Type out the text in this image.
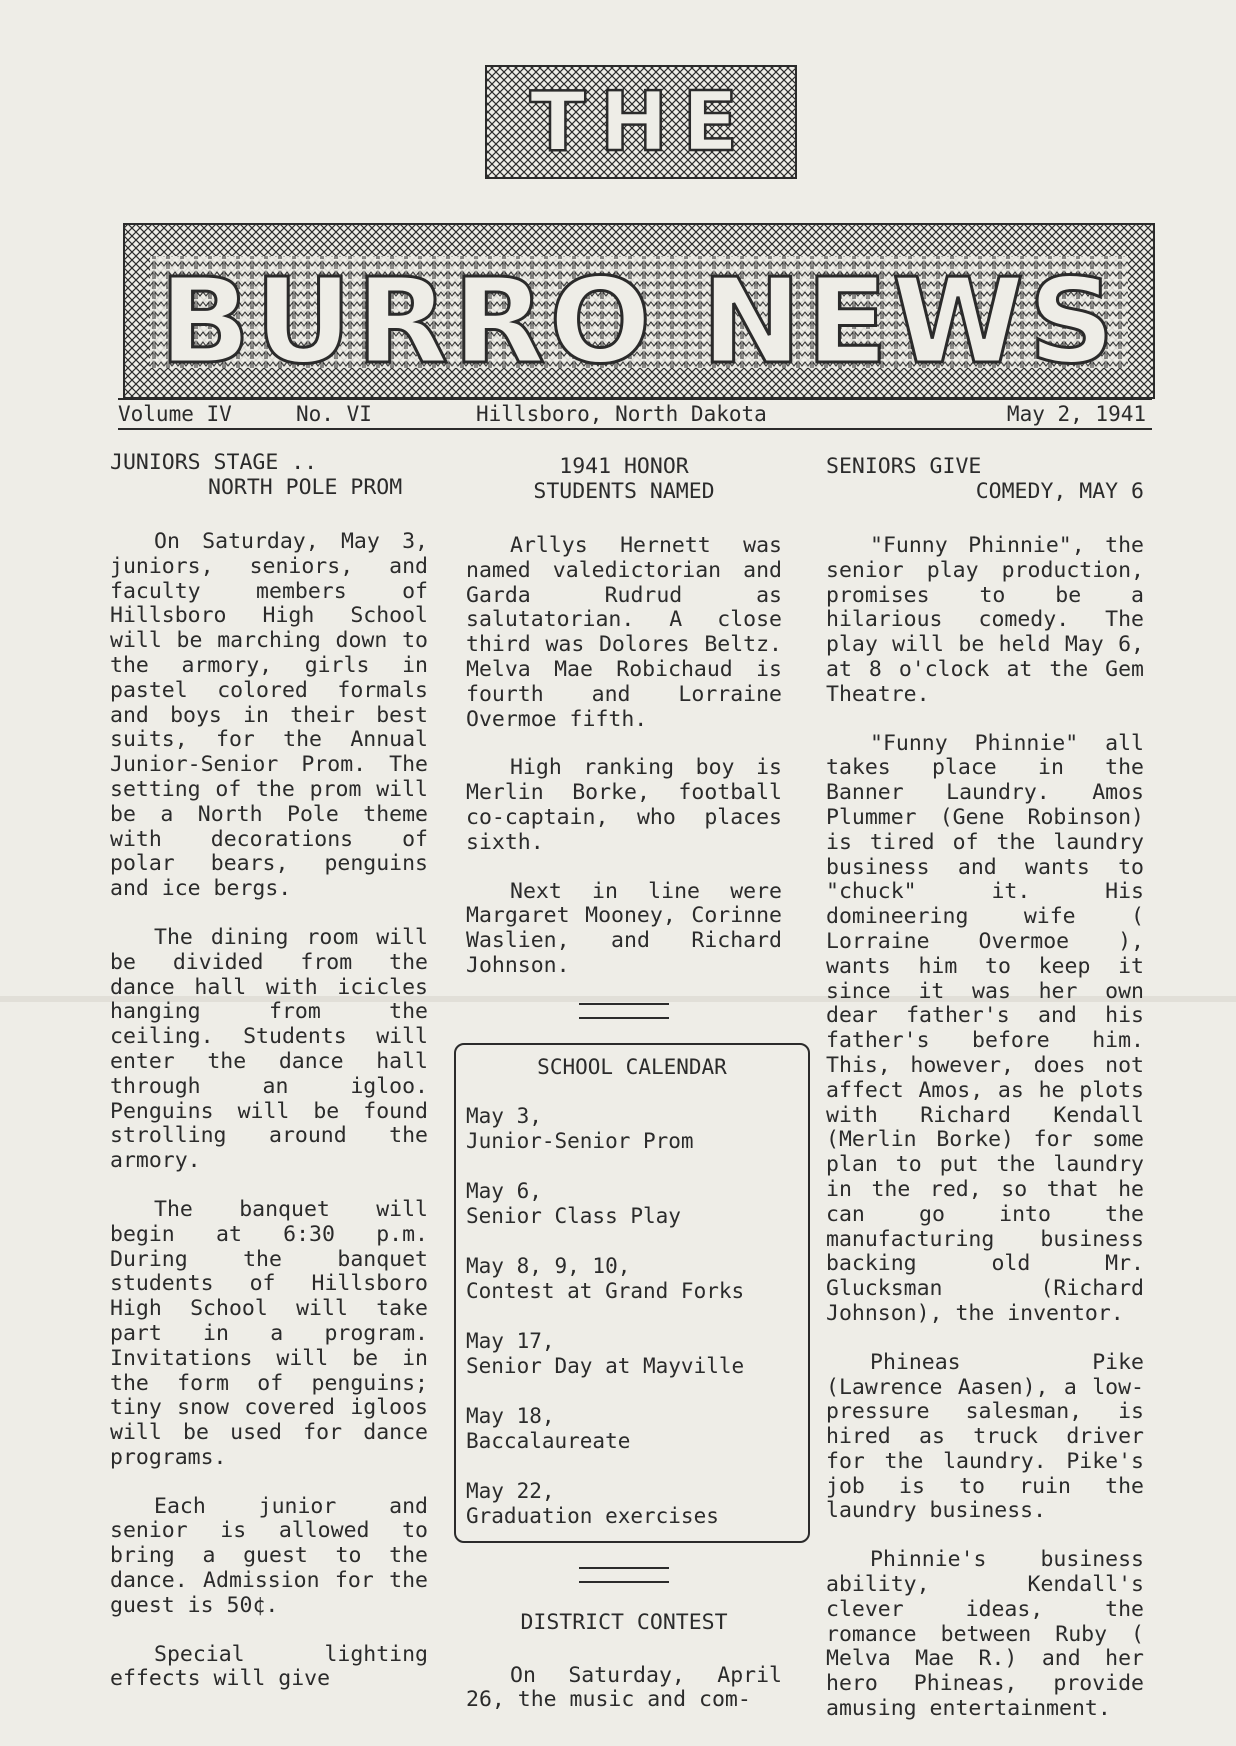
THE
BURRO NEWS
Volume IV	No. VI	Hillsboro, North Dakota	May 2, 1941
JUNIORS STAGE ..
NORTH POLE PROM

On Saturday, May 3, juniors, seniors, and faculty members of Hillsboro High School will be marching down to the armory, girls in pastel colored formals and boys in their best suits, for the Annual Junior-Senior Prom. The setting of the prom will be a North Pole theme with decorations of polar bears, penguins and ice bergs.

The dining room will be divided from the dance hall with icicles hanging from the ceiling. Students will enter the dance hall through an igloo. Penguins will be found strolling around the armory.

The banquet will begin at 6:30 p.m. During the banquet students of Hillsboro High School will take part in a program. Invitations will be in the form of penguins; tiny snow covered igloos will be used for dance programs.

Each junior and senior is allowed to bring a guest to the dance. Admission for the guest is 50¢.

Special lighting effects will give

1941 HONOR
STUDENTS NAMED

Arllys Hernett was named valedictorian and Garda Rudrud as salutatorian. A close third was Dolores Beltz. Melva Mae Robichaud is fourth and Lorraine Overmoe fifth.

High ranking boy is Merlin Borke, football co-captain, who places sixth.

Next in line were Margaret Mooney, Corinne Waslien, and Richard Johnson.

SCHOOL CALENDAR
May 3,
Junior-Senior Prom
May 6,
Senior Class Play
May 8, 9, 10,
Contest at Grand Forks
May 17,
Senior Day at Mayville
May 18,
Baccalaureate
May 22,
Graduation exercises
DISTRICT CONTEST

On Saturday, April 26, the music and com-

SENIORS GIVE
COMEDY, MAY 6

"Funny Phinnie", the senior play production, promises to be a hilarious comedy. The play will be held May 6, at 8 o'clock at the Gem Theatre.

"Funny Phinnie" all takes place in the Banner Laundry. Amos Plummer (Gene Robinson) is tired of the laundry business and wants to "chuck" it. His domineering wife ( Lorraine Overmoe ), wants him to keep it since it was her own dear father's and his father's before him. This, however, does not affect Amos, as he plots with Richard Kendall (Merlin Borke) for some plan to put the laundry in the red, so that he can go into the manufacturing business backing old Mr. Glucksman (Richard Johnson), the inventor.

Phineas Pike (Lawrence Aasen), a low-pressure salesman, is hired as truck driver for the laundry. Pike's job is to ruin the laundry business.

Phinnie's business ability, Kendall's clever ideas, the romance between Ruby ( Melva Mae R.) and her hero Phineas, provide amusing entertainment.
